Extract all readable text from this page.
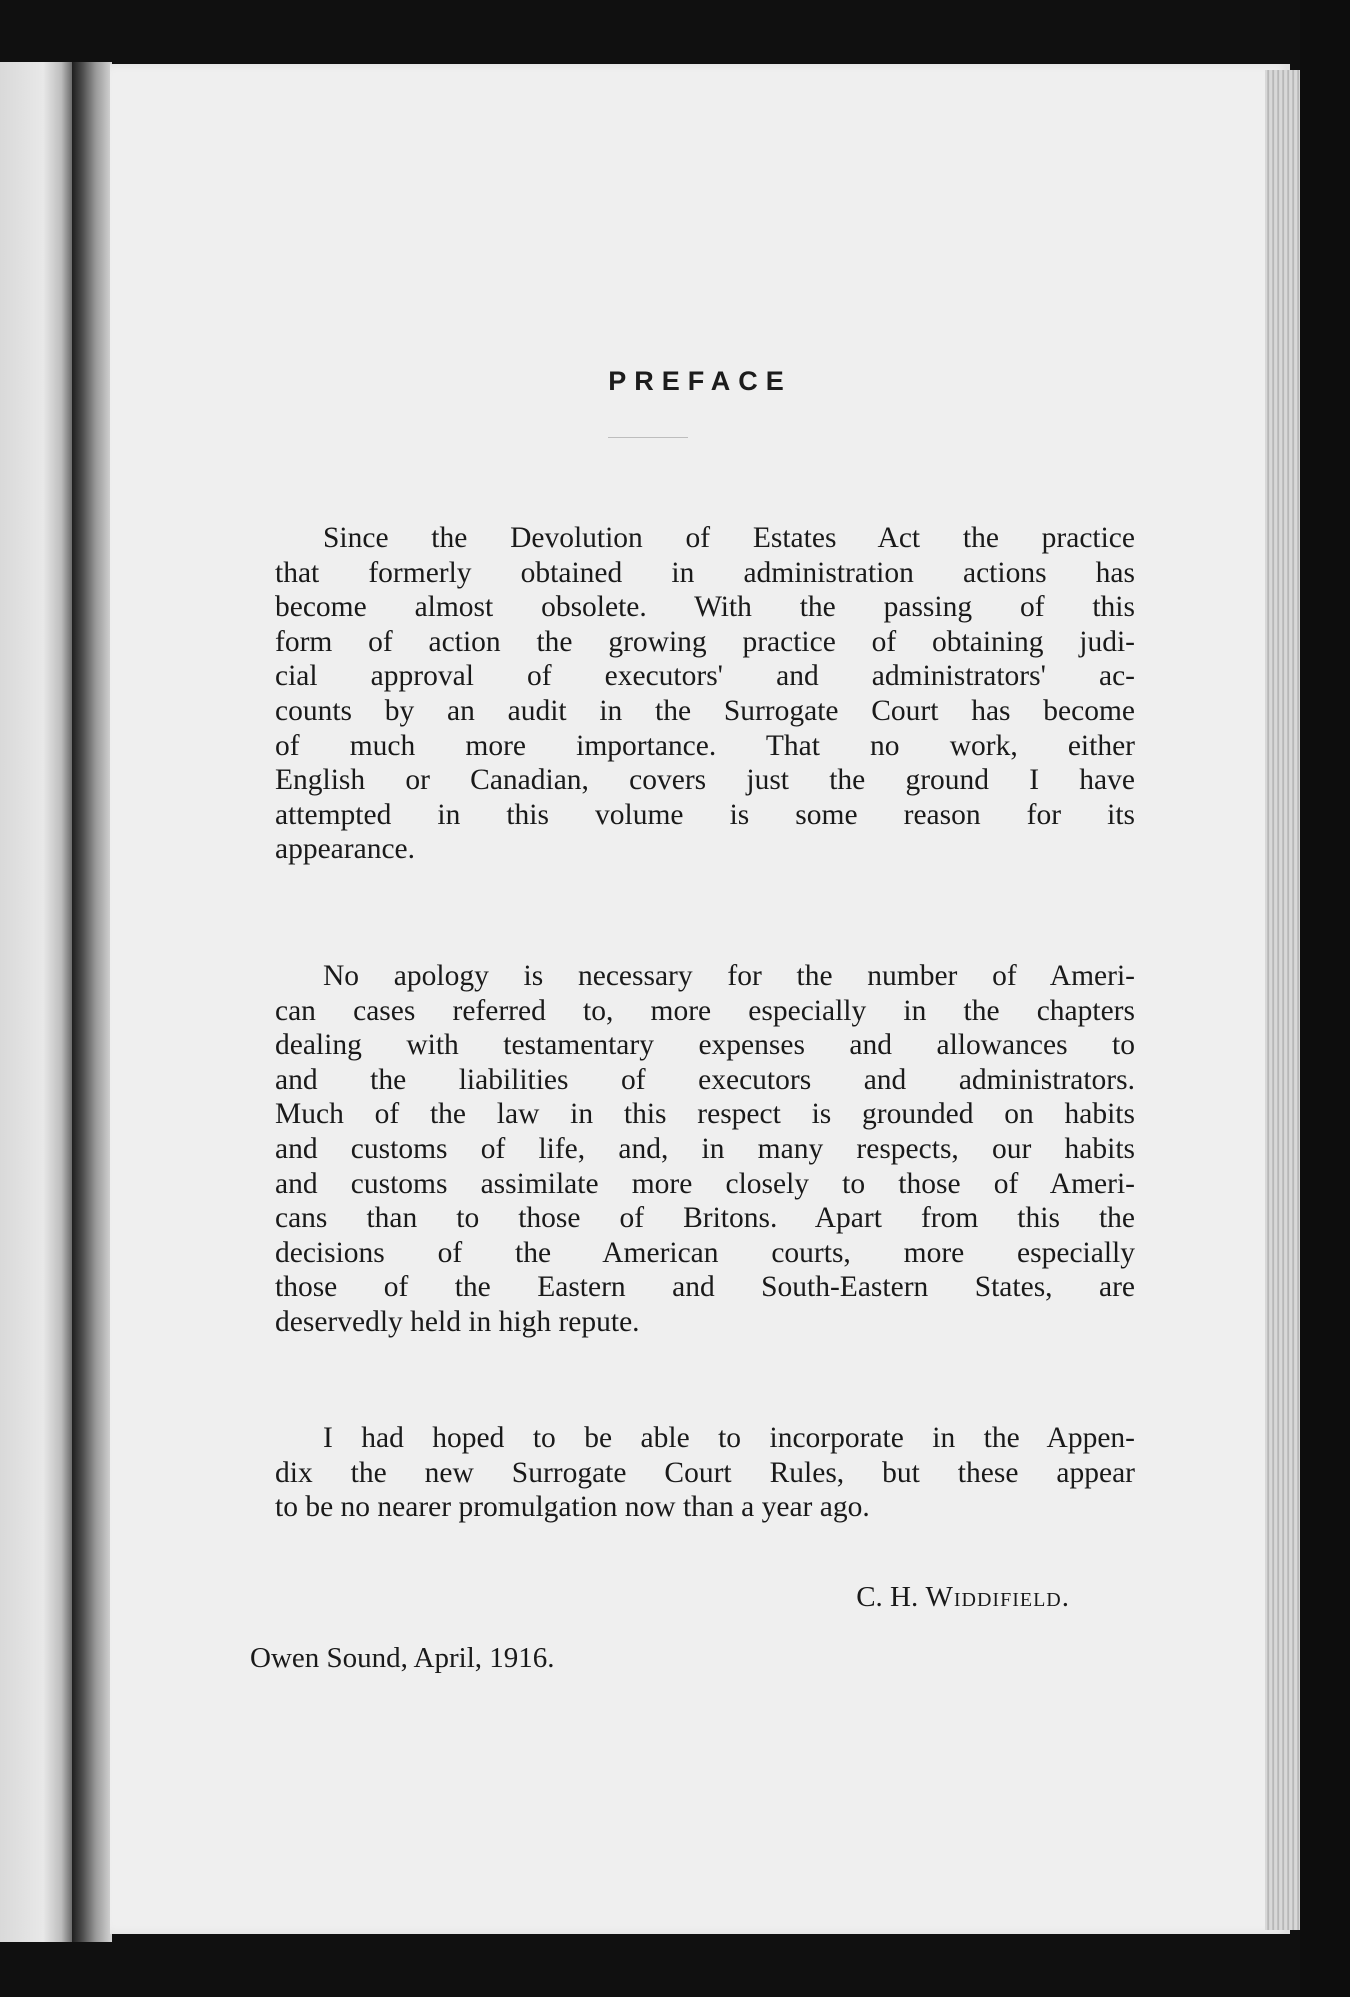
PREFACE
Since the Devolution of Estates Act the practice
that formerly obtained in administration actions has
become almost obsolete. With the passing of this
form of action the growing practice of obtaining judi-
cial approval of executors' and administrators' ac-
counts by an audit in the Surrogate Court has become
of much more importance. That no work, either
English or Canadian, covers just the ground I have
attempted in this volume is some reason for its
appearance.
No apology is necessary for the number of Ameri-
can cases referred to, more especially in the chapters
dealing with testamentary expenses and allowances to
and the liabilities of executors and administrators.
Much of the law in this respect is grounded on habits
and customs of life, and, in many respects, our habits
and customs assimilate more closely to those of Ameri-
cans than to those of Britons. Apart from this the
decisions of the American courts, more especially
those of the Eastern and South-Eastern States, are
deservedly held in high repute.
I had hoped to be able to incorporate in the Appen-
dix the new Surrogate Court Rules, but these appear
to be no nearer promulgation now than a year ago.
C. H. Widdifield.
Owen Sound, April, 1916.
